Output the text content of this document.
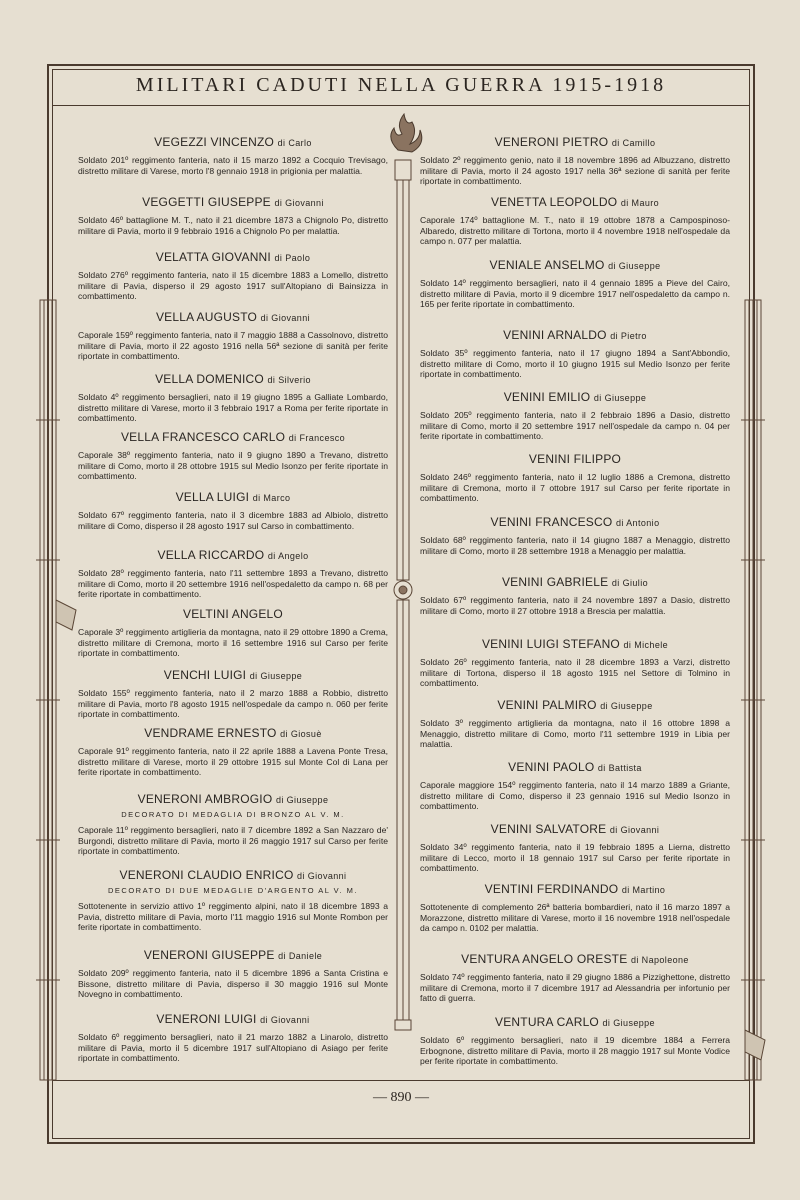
MILITARI CADUTI NELLA GUERRA 1915-1918
VEGEZZI VINCENZO di Carlo
Soldato 201º reggimento fanteria, nato il 15 marzo 1892 a Cocquio Trevisago, distretto militare di Varese, morto l'8 gennaio 1918 in prigionia per malattia.
VEGGETTI GIUSEPPE di Giovanni
Soldato 46º battaglione M. T., nato il 21 dicembre 1873 a Chignolo Po, distretto militare di Pavia, morto il 9 febbraio 1916 a Chignolo Po per malattia.
VELATTA GIOVANNI di Paolo
Soldato 276º reggimento fanteria, nato il 15 dicembre 1883 a Lomello, distretto militare di Pavia, disperso il 29 agosto 1917 sull'Altopiano di Bainsizza in combattimento.
VELLA AUGUSTO di Giovanni
Caporale 159º reggimento fanteria, nato il 7 maggio 1888 a Cassolnovo, distretto militare di Pavia, morto il 22 agosto 1916 nella 56ª sezione di sanità per ferite riportate in combattimento.
VELLA DOMENICO di Silverio
Soldato 4º reggimento bersaglieri, nato il 19 giugno 1895 a Galliate Lombardo, distretto militare di Varese, morto il 3 febbraio 1917 a Roma per ferite riportate in combattimento.
VELLA FRANCESCO CARLO di Francesco
Caporale 38º reggimento fanteria, nato il 9 giugno 1890 a Trevano, distretto militare di Como, morto il 28 ottobre 1915 sul Medio Isonzo per ferite riportate in combattimento.
VELLA LUIGI di Marco
Soldato 67º reggimento fanteria, nato il 3 dicembre 1883 ad Albiolo, distretto militare di Como, disperso il 28 agosto 1917 sul Carso in combattimento.
VELLA RICCARDO di Angelo
Soldato 28º reggimento fanteria, nato l'11 settembre 1893 a Trevano, distretto militare di Como, morto il 20 settembre 1916 nell'ospedaletto da campo n. 68 per ferite riportate in combattimento.
VELTINI ANGELO
Caporale 3º reggimento artiglieria da montagna, nato il 29 ottobre 1890 a Crema, distretto militare di Cremona, morto il 16 settembre 1916 sul Carso per ferite riportate in combattimento.
VENCHI LUIGI di Giuseppe
Soldato 155º reggimento fanteria, nato il 2 marzo 1888 a Robbio, distretto militare di Pavia, morto l'8 agosto 1915 nell'ospedale da campo n. 060 per ferite riportate in combattimento.
VENDRAME ERNESTO di Giosuè
Caporale 91º reggimento fanteria, nato il 22 aprile 1888 a Lavena Ponte Tresa, distretto militare di Varese, morto il 29 ottobre 1915 sul Monte Col di Lana per ferite riportate in combattimento.
VENERONI AMBROGIO di Giuseppe
DECORATO DI MEDAGLIA DI BRONZO AL V. M.
Caporale 11º reggimento bersaglieri, nato il 7 dicembre 1892 a San Nazzaro de' Burgondi, distretto militare di Pavia, morto il 26 maggio 1917 sul Carso per ferite riportate in combattimento.
VENERONI CLAUDIO ENRICO di Giovanni
DECORATO DI DUE MEDAGLIE D'ARGENTO AL V. M.
Sottotenente in servizio attivo 1º reggimento alpini, nato il 18 dicembre 1893 a Pavia, distretto militare di Pavia, morto l'11 maggio 1916 sul Monte Rombon per ferite riportate in combattimento.
VENERONI GIUSEPPE di Daniele
Soldato 209º reggimento fanteria, nato il 5 dicembre 1896 a Santa Cristina e Bissone, distretto militare di Pavia, disperso il 30 maggio 1916 sul Monte Novegno in combattimento.
VENERONI LUIGI di Giovanni
Soldato 6º reggimento bersaglieri, nato il 21 marzo 1882 a Linarolo, distretto militare di Pavia, morto il 5 dicembre 1917 sull'Altopiano di Asiago per ferite riportate in combattimento.
VENERONI PIETRO di Camillo
Soldato 2º reggimento genio, nato il 18 novembre 1896 ad Albuzzano, distretto militare di Pavia, morto il 24 agosto 1917 nella 36ª sezione di sanità per ferite riportate in combattimento.
VENETTA LEOPOLDO di Mauro
Caporale 174º battaglione M. T., nato il 19 ottobre 1878 a Campospinoso-Albaredo, distretto militare di Tortona, morto il 4 novembre 1918 nell'ospedale da campo n. 077 per malattia.
VENIALE ANSELMO di Giuseppe
Soldato 14º reggimento bersaglieri, nato il 4 gennaio 1895 a Pieve del Cairo, distretto militare di Pavia, morto il 9 dicembre 1917 nell'ospedaletto da campo n. 165 per ferite riportate in combattimento.
VENINI ARNALDO di Pietro
Soldato 35º reggimento fanteria, nato il 17 giugno 1894 a Sant'Abbondio, distretto militare di Como, morto il 10 giugno 1915 sul Medio Isonzo per ferite riportate in combattimento.
VENINI EMILIO di Giuseppe
Soldato 205º reggimento fanteria, nato il 2 febbraio 1896 a Dasio, distretto militare di Como, morto il 20 settembre 1917 nell'ospedale da campo n. 04 per ferite riportate in combattimento.
VENINI FILIPPO
Soldato 246º reggimento fanteria, nato il 12 luglio 1886 a Cremona, distretto militare di Cremona, morto il 7 ottobre 1917 sul Carso per ferite riportate in combattimento.
VENINI FRANCESCO di Antonio
Soldato 68º reggimento fanteria, nato il 14 giugno 1887 a Menaggio, distretto militare di Como, morto il 28 settembre 1918 a Menaggio per malattia.
VENINI GABRIELE di Giulio
Soldato 67º reggimento fanteria, nato il 24 novembre 1897 a Dasio, distretto militare di Como, morto il 27 ottobre 1918 a Brescia per malattia.
VENINI LUIGI STEFANO di Michele
Soldato 26º reggimento fanteria, nato il 28 dicembre 1893 a Varzi, distretto militare di Tortona, disperso il 18 agosto 1915 nel Settore di Tolmino in combattimento.
VENINI PALMIRO di Giuseppe
Soldato 3º reggimento artiglieria da montagna, nato il 16 ottobre 1898 a Menaggio, distretto militare di Como, morto l'11 settembre 1919 in Libia per malattia.
VENINI PAOLO di Battista
Caporale maggiore 154º reggimento fanteria, nato il 14 marzo 1889 a Griante, distretto militare di Como, disperso il 23 gennaio 1916 sul Medio Isonzo in combattimento.
VENINI SALVATORE di Giovanni
Soldato 34º reggimento fanteria, nato il 19 febbraio 1895 a Lierna, distretto militare di Lecco, morto il 18 gennaio 1917 sul Carso per ferite riportate in combattimento.
VENTINI FERDINANDO di Martino
Sottotenente di complemento 26ª batteria bombardieri, nato il 16 marzo 1897 a Morazzone, distretto militare di Varese, morto il 16 novembre 1918 nell'ospedale da campo n. 0102 per malattia.
VENTURA ANGELO ORESTE di Napoleone
Soldato 74º reggimento fanteria, nato il 29 giugno 1886 a Pizzighettone, distretto militare di Cremona, morto il 7 dicembre 1917 ad Alessandria per infortunio per fatto di guerra.
VENTURA CARLO di Giuseppe
Soldato 6º reggimento bersaglieri, nato il 19 dicembre 1884 a Ferrera Erbognone, distretto militare di Pavia, morto il 28 maggio 1917 sul Monte Vodice per ferite riportate in combattimento.
— 890 —
